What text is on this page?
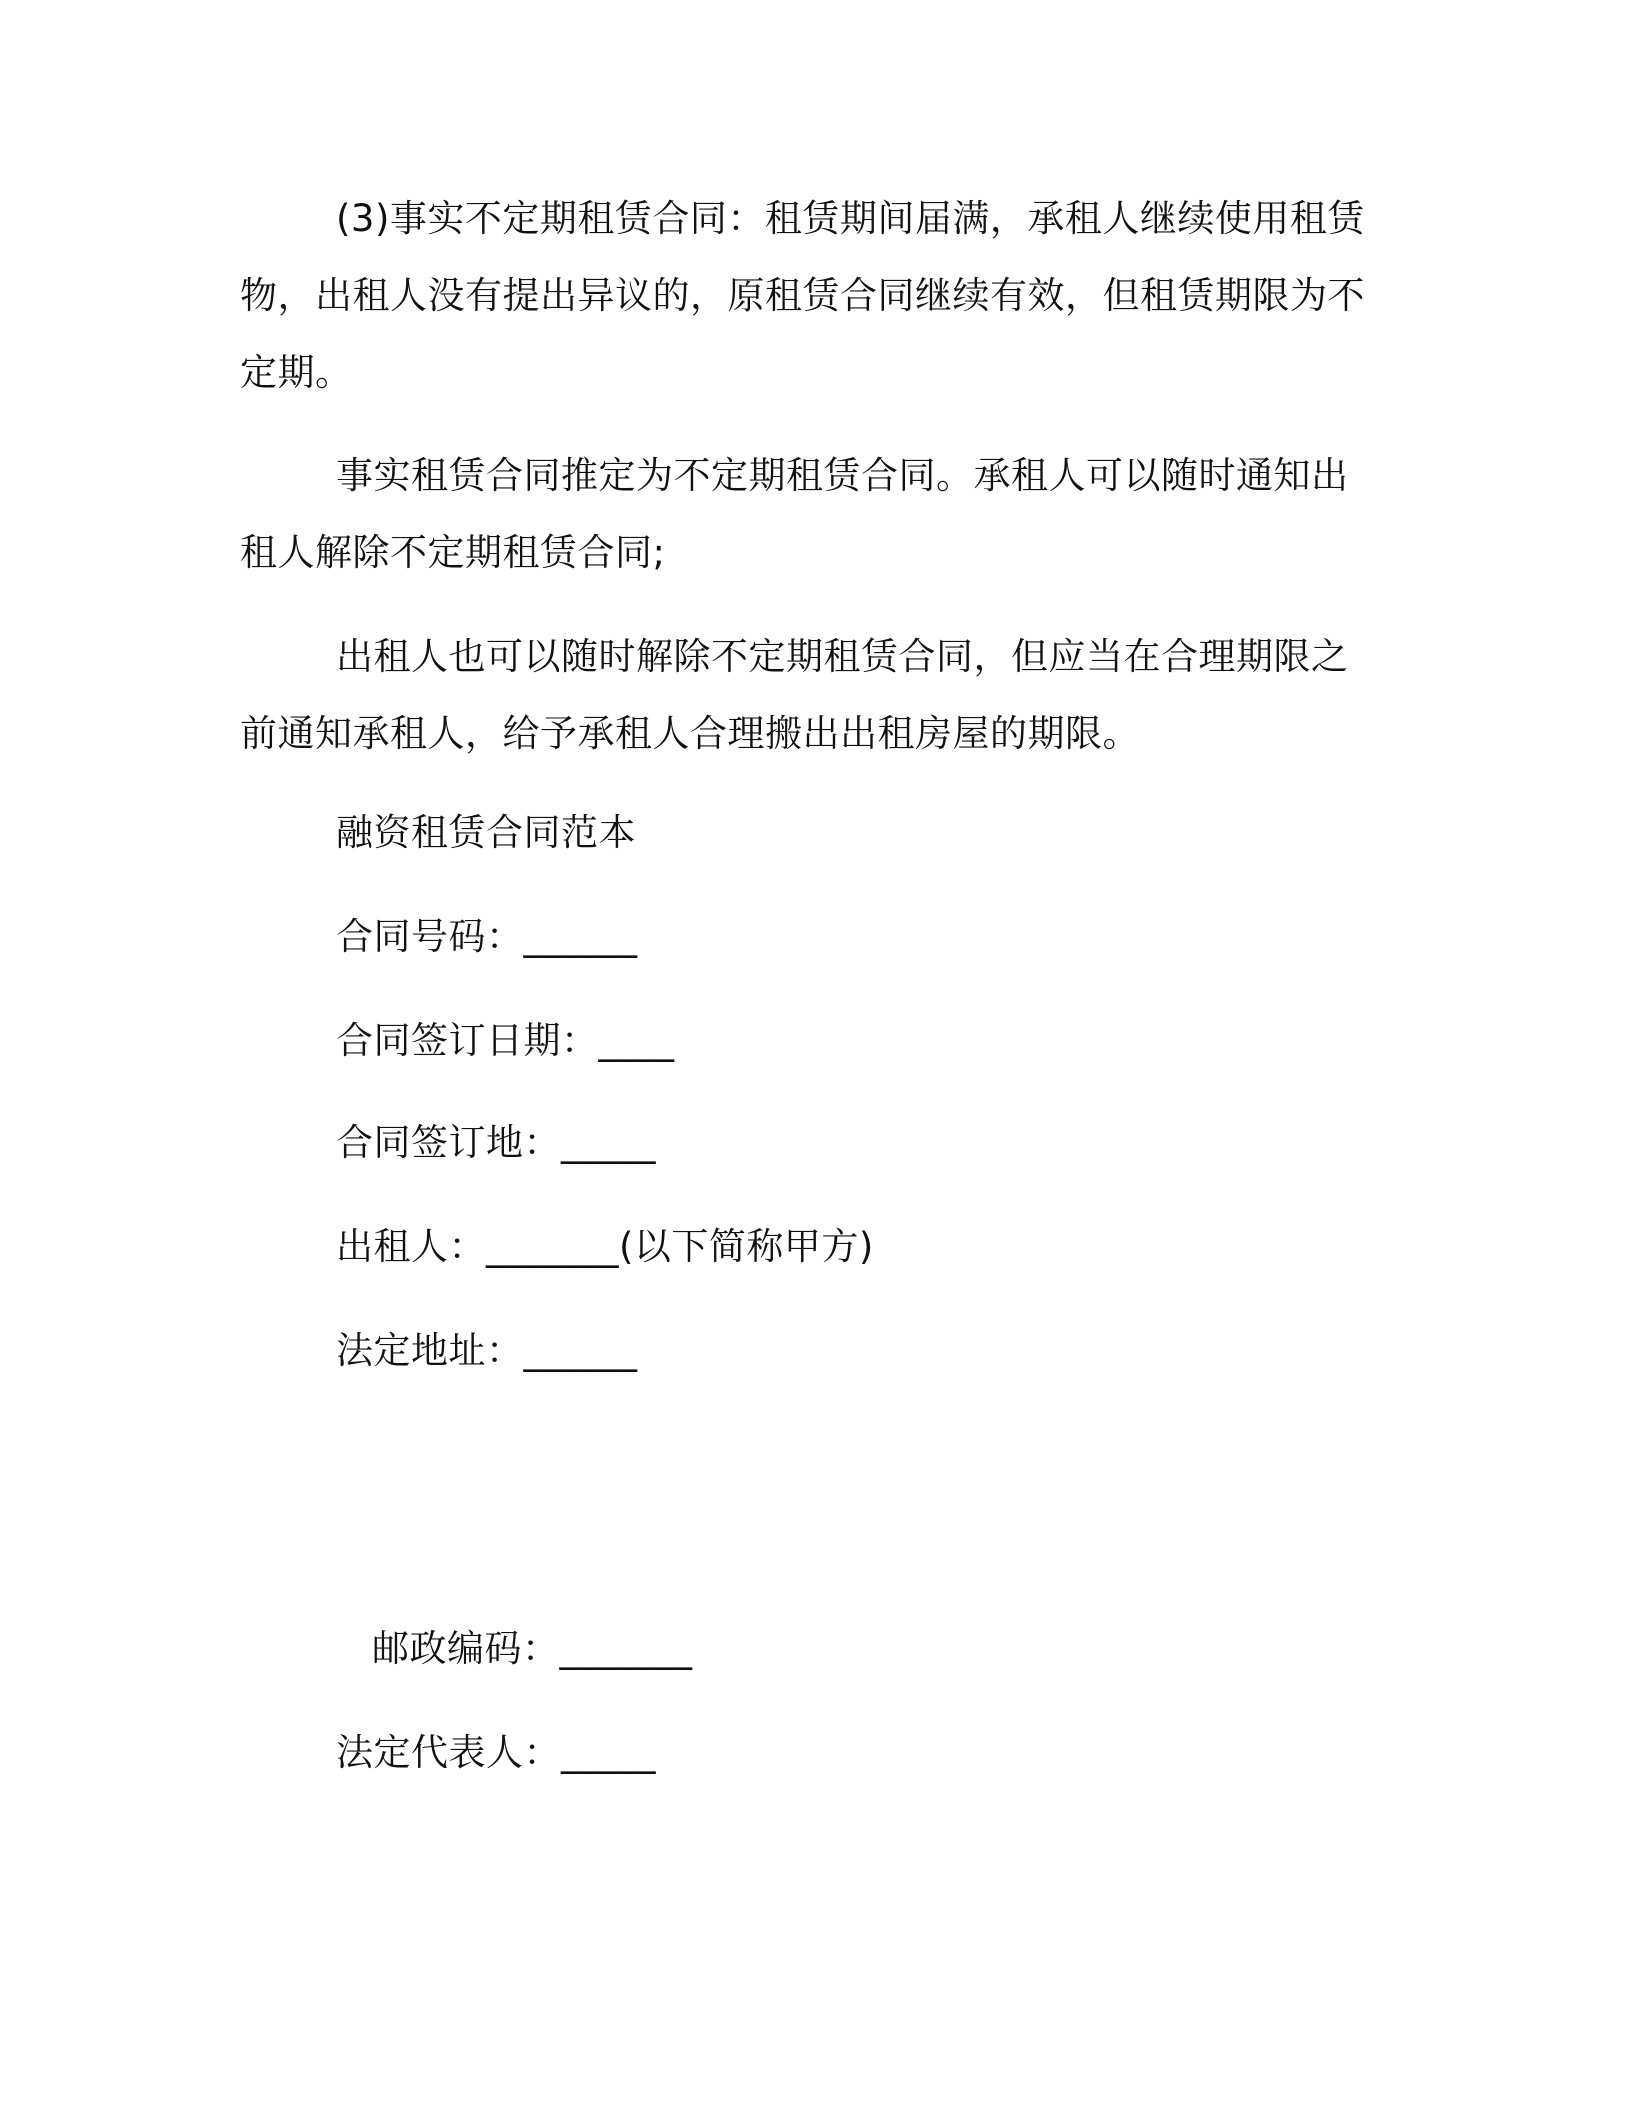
(3)事实不定期租赁合同：租赁期间届满，承租人继续使用租赁物，出租人没有提出异议的，原租赁合同继续有效，但租赁期限为不定期。

事实租赁合同推定为不定期租赁合同。承租人可以随时通知出租人解除不定期租赁合同;

出租人也可以随时解除不定期租赁合同，但应当在合理期限之前通知承租人，给予承租人合理搬出出租房屋的期限。

融资租赁合同范本

合同号码：______

合同签订日期：____

合同签订地：_____

出租人：_______(以下简称甲方)

法定地址：______

邮政编码：_______

法定代表人：_____
